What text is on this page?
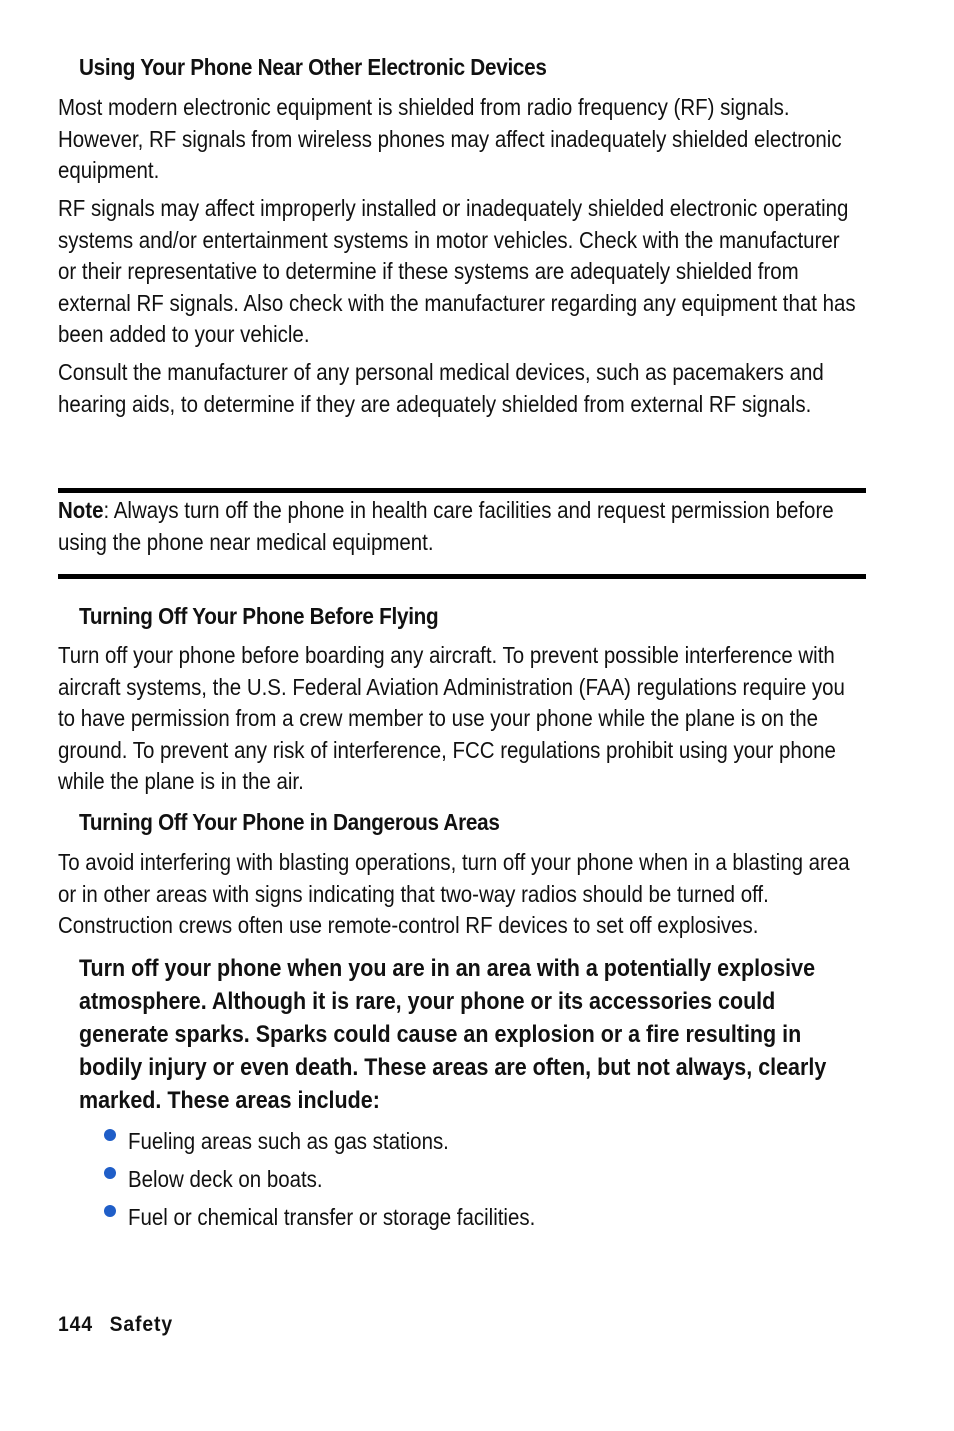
Using Your Phone Near Other Electronic Devices

Most modern electronic equipment is shielded from radio frequency (RF) signals. However, RF signals from wireless phones may affect inadequately shielded electronic equipment.

RF signals may affect improperly installed or inadequately shielded electronic operating systems and/or entertainment systems in motor vehicles. Check with the manufacturer or their representative to determine if these systems are adequately shielded from external RF signals. Also check with the manufacturer regarding any equipment that has been added to your vehicle.

Consult the manufacturer of any personal medical devices, such as pacemakers and hearing aids, to determine if they are adequately shielded from external RF signals.

Note: Always turn off the phone in health care facilities and request permission before using the phone near medical equipment.

Turning Off Your Phone Before Flying

Turn off your phone before boarding any aircraft. To prevent possible interference with aircraft systems, the U.S. Federal Aviation Administration (FAA) regulations require you to have permission from a crew member to use your phone while the plane is on the ground. To prevent any risk of interference, FCC regulations prohibit using your phone while the plane is in the air.

Turning Off Your Phone in Dangerous Areas

To avoid interfering with blasting operations, turn off your phone when in a blasting area or in other areas with signs indicating that two-way radios should be turned off. Construction crews often use remote-control RF devices to set off explosives.

Turn off your phone when you are in an area with a potentially explosive atmosphere. Although it is rare, your phone or its accessories could generate sparks. Sparks could cause an explosion or a fire resulting in bodily injury or even death. These areas are often, but not always, clearly marked. These areas include:

Fueling areas such as gas stations.
Below deck on boats.
Fuel or chemical transfer or storage facilities.
144 Safety
